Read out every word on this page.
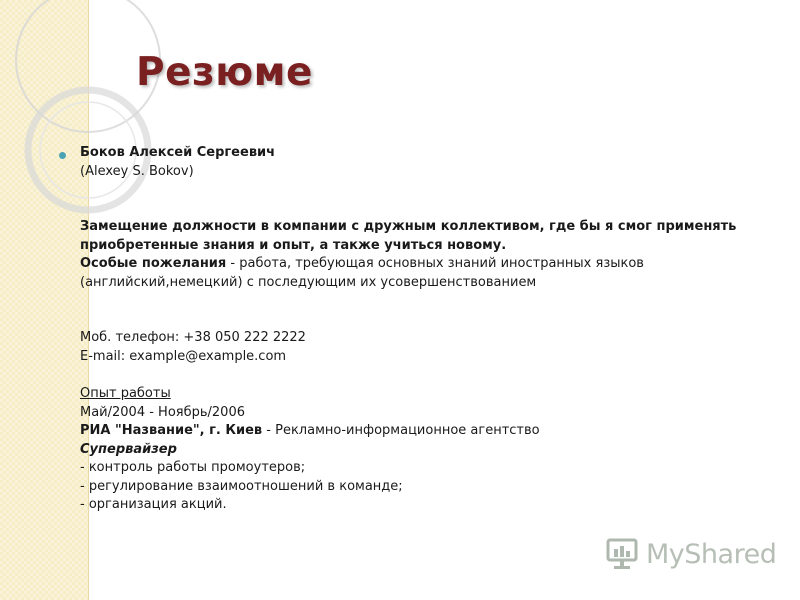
Резюме

Боков Алексей Сергеевич

(Alexey S. Bokov)

Замещение должности в компании с дружным коллективом, где бы я смог применять

приобретенные знания и опыт, а также учиться новому.

Особые пожелания - работа, требующая основных знаний иностранных языков

(английский,немецкий) с последующим их усовершенствованием

Моб. телефон: +38 050 222 2222

E-mail: example@example.com

Опыт работы

Май/2004 - Ноябрь/2006

РИА "Название", г. Киев - Рекламно-информационное агентство

Супервайзер

- контроль работы промоутеров;

- регулирование взаимоотношений в команде;

- организация акций.

MyShared
